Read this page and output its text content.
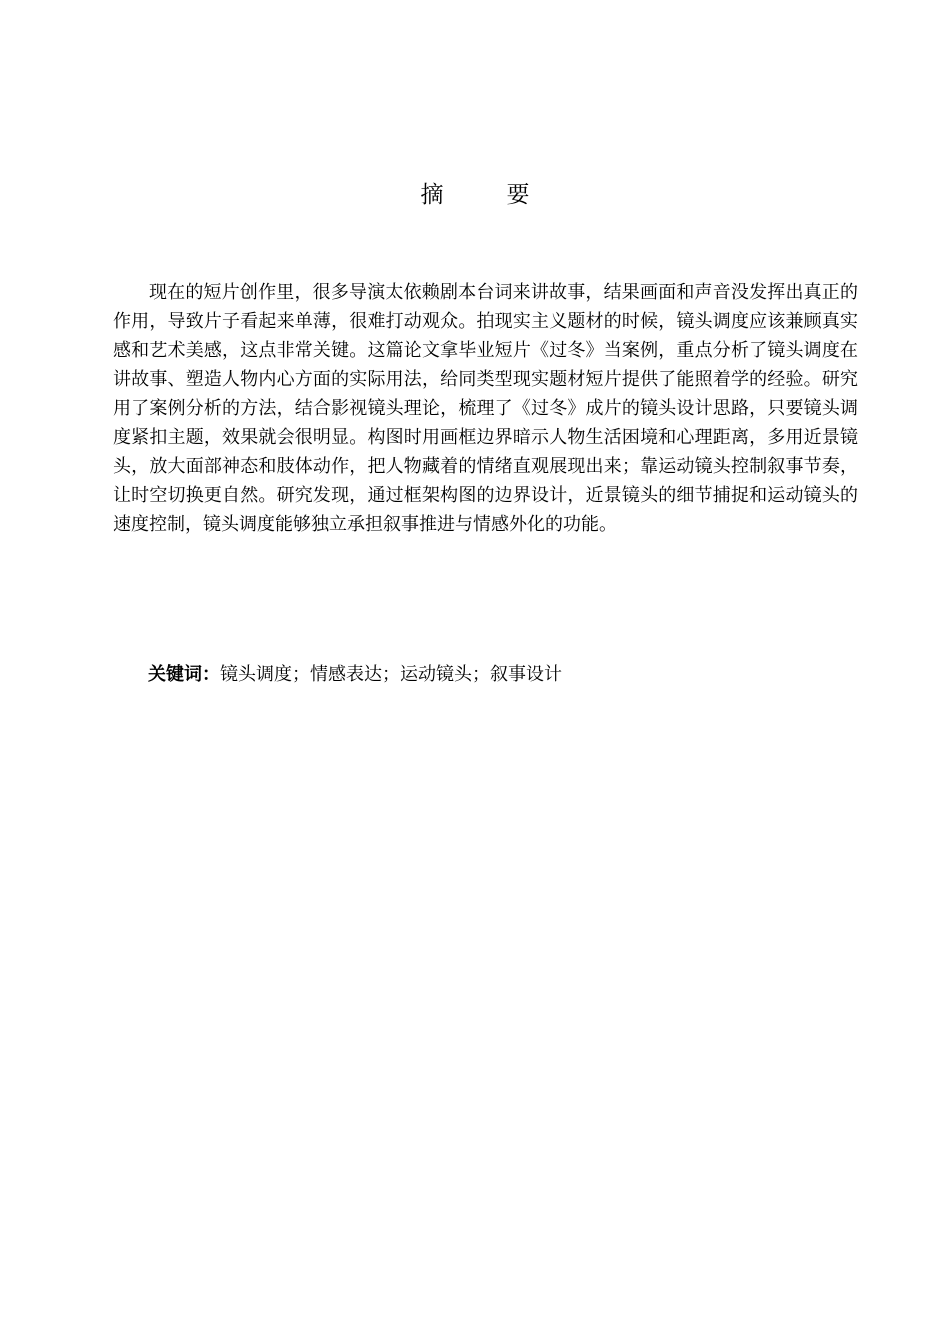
摘　要

现在的短片创作里，很多导演太依赖剧本台词来讲故事，结果画面和声音没发挥出真正的作用，导致片子看起来单薄，很难打动观众。拍现实主义题材的时候，镜头调度应该兼顾真实感和艺术美感，这点非常关键。这篇论文拿毕业短片《过冬》当案例，重点分析了镜头调度在讲故事、塑造人物内心方面的实际用法，给同类型现实题材短片提供了能照着学的经验。研究用了案例分析的方法，结合影视镜头理论，梳理了《过冬》成片的镜头设计思路，只要镜头调度紧扣主题，效果就会很明显。构图时用画框边界暗示人物生活困境和心理距离，多用近景镜头，放大面部神态和肢体动作，把人物藏着的情绪直观展现出来；靠运动镜头控制叙事节奏，让时空切换更自然。研究发现，通过框架构图的边界设计，近景镜头的细节捕捉和运动镜头的速度控制，镜头调度能够独立承担叙事推进与情感外化的功能。

关键词：镜头调度；情感表达；运动镜头；叙事设计
